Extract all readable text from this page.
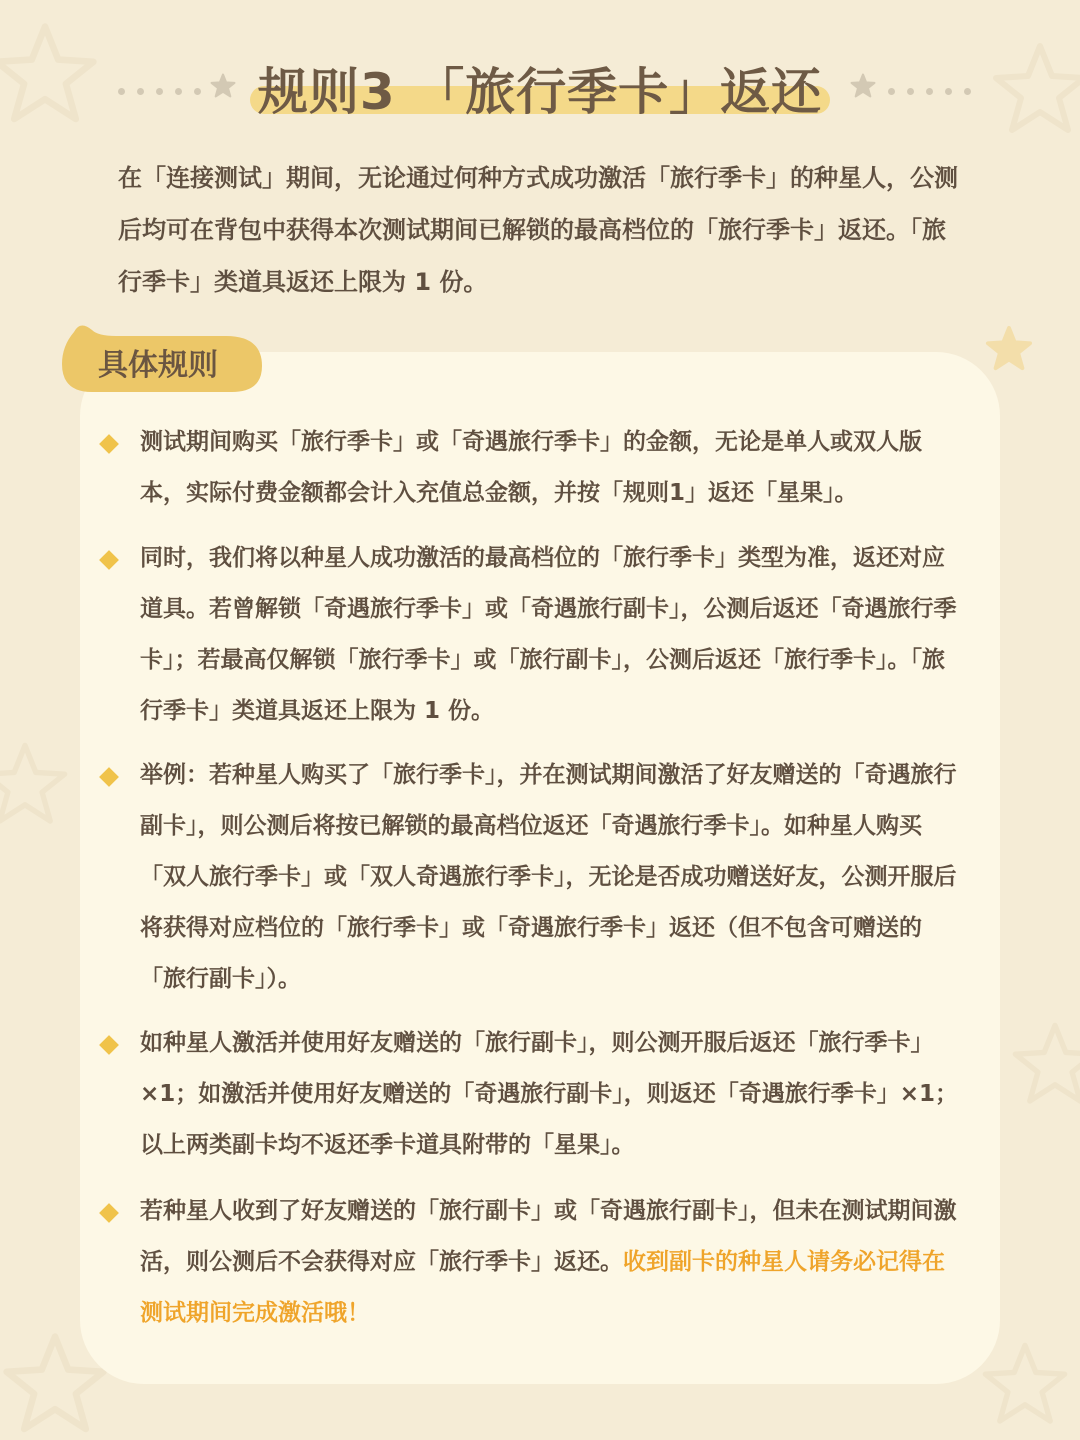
规则3 「旅行季卡」返还
在「连接测试」期间，无论通过何种方式成功激活「旅行季卡」的种星人，公测后均可在背包中获得本次测试期间已解锁的最高档位的「旅行季卡」返还。「旅行季卡」类道具返还上限为 1 份。
具体规则
测试期间购买「旅行季卡」或「奇遇旅行季卡」的金额，无论是单人或双人版本，实际付费金额都会计入充值总金额，并按「规则1」返还「星果」。
同时，我们将以种星人成功激活的最高档位的「旅行季卡」类型为准，返还对应道具。若曾解锁「奇遇旅行季卡」或「奇遇旅行副卡」，公测后返还「奇遇旅行季卡」；若最高仅解锁「旅行季卡」或「旅行副卡」，公测后返还「旅行季卡」。「旅行季卡」类道具返还上限为 1 份。
举例：若种星人购买了「旅行季卡」，并在测试期间激活了好友赠送的「奇遇旅行副卡」，则公测后将按已解锁的最高档位返还「奇遇旅行季卡」。如种星人购买「双人旅行季卡」或「双人奇遇旅行季卡」，无论是否成功赠送好友，公测开服后将获得对应档位的「旅行季卡」或「奇遇旅行季卡」返还（但不包含可赠送的「旅行副卡」）。
如种星人激活并使用好友赠送的「旅行副卡」，则公测开服后返还「旅行季卡」×1；如激活并使用好友赠送的「奇遇旅行副卡」，则返还「奇遇旅行季卡」×1；以上两类副卡均不返还季卡道具附带的「星果」。
若种星人收到了好友赠送的「旅行副卡」或「奇遇旅行副卡」，但未在测试期间激活，则公测后不会获得对应「旅行季卡」返还。收到副卡的种星人请务必记得在测试期间完成激活哦！
